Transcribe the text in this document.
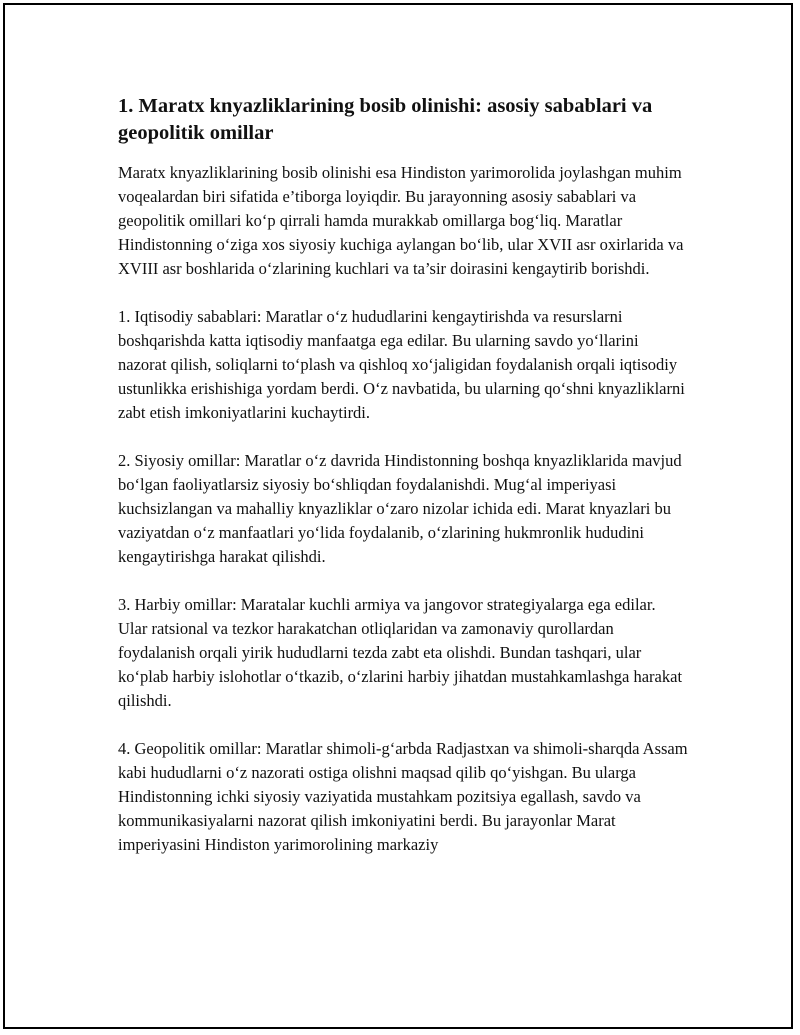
1. Maratx knyazliklarining bosib olinishi: asosiy sabablari va geopolitik omillar

Maratx knyazliklarining bosib olinishi esa Hindiston yarimorolida joylashgan muhim voqealardan biri sifatida e’tiborga loyiqdir. Bu jarayonning asosiy sabablari va geopolitik omillari ko‘p qirrali hamda murakkab omillarga bog‘liq. Maratlar Hindistonning o‘ziga xos siyosiy kuchiga aylangan bo‘lib, ular XVII asr oxirlarida va XVIII asr boshlarida o‘zlarining kuchlari va ta’sir doirasini kengaytirib borishdi.

1. Iqtisodiy sabablari: Maratlar o‘z hududlarini kengaytirishda va resurslarni boshqarishda katta iqtisodiy manfaatga ega edilar. Bu ularning savdo yo‘llarini nazorat qilish, soliqlarni to‘plash va qishloq xo‘jaligidan foydalanish orqali iqtisodiy ustunlikka erishishiga yordam berdi. O‘z navbatida, bu ularning qo‘shni knyazliklarni zabt etish imkoniyatlarini kuchaytirdi.

2. Siyosiy omillar: Maratlar o‘z davrida Hindistonning boshqa knyazliklarida mavjud bo‘lgan faoliyatlarsiz siyosiy bo‘shliqdan foydalanishdi. Mug‘al imperiyasi kuchsizlangan va mahalliy knyazliklar o‘zaro nizolar ichida edi. Marat knyazlari bu vaziyatdan o‘z manfaatlari yo‘lida foydalanib, o‘zlarining hukmronlik hududini kengaytirishga harakat qilishdi.

3. Harbiy omillar: Maratalar kuchli armiya va jangovor strategiyalarga ega edilar. Ular ratsional va tezkor harakatchan otliqlaridan va zamonaviy qurollardan foydalanish orqali yirik hududlarni tezda zabt eta olishdi. Bundan tashqari, ular ko‘plab harbiy islohotlar o‘tkazib, o‘zlarini harbiy jihatdan mustahkamlashga harakat qilishdi.

4. Geopolitik omillar: Maratlar shimoli-g‘arbda Radjastxan va shimoli-sharqda Assam kabi hududlarni o‘z nazorati ostiga olishni maqsad qilib qo‘yishgan. Bu ularga Hindistonning ichki siyosiy vaziyatida mustahkam pozitsiya egallash, savdo va kommunikasiyalarni nazorat qilish imkoniyatini berdi. Bu jarayonlar Marat imperiyasini Hindiston yarimorolining markaziy
